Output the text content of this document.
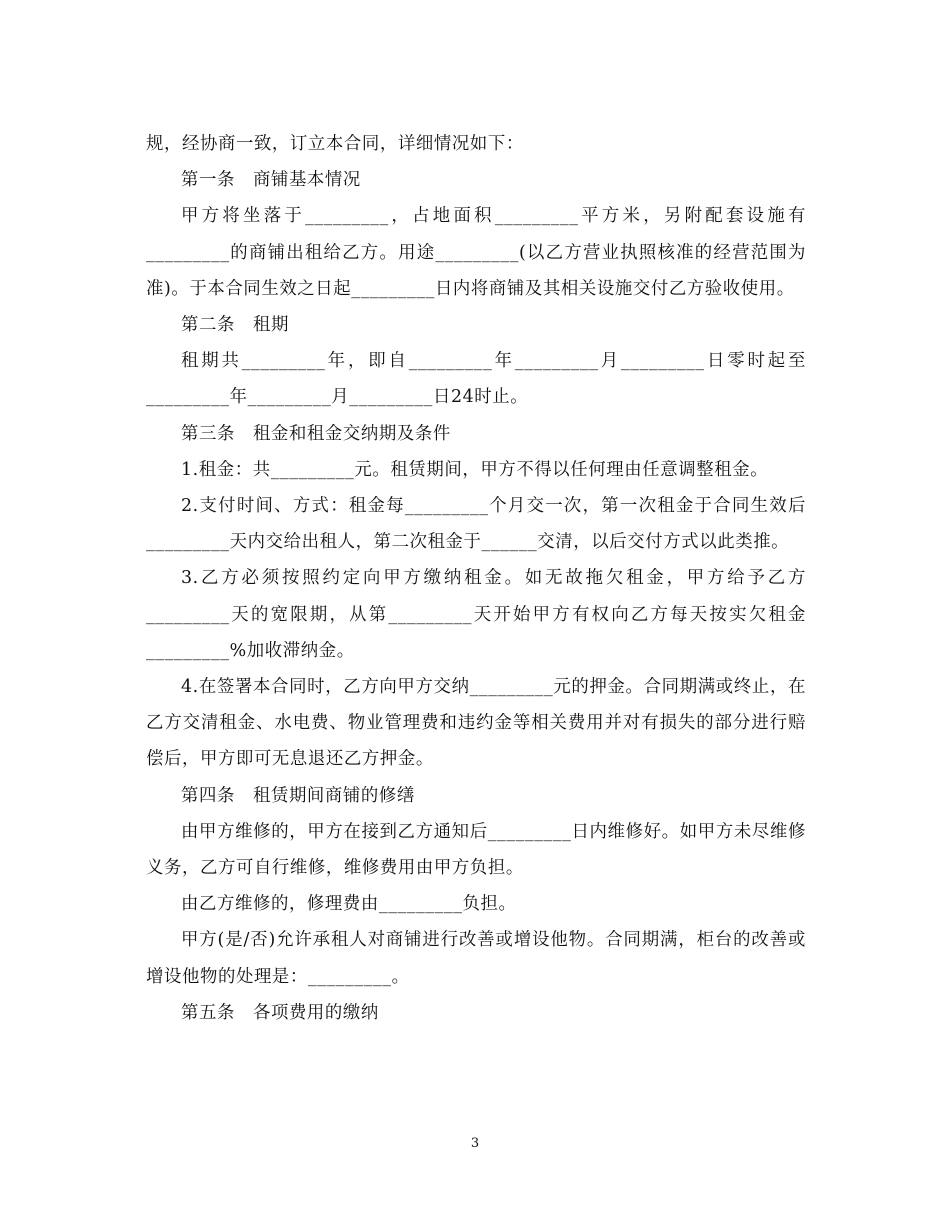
规，经协商一致，订立本合同，详细情况如下：

第一条　商铺基本情况

甲方将坐落于_________，占地面积_________平方米，另附配套设施有_________的商铺出租给乙方。用途_________(以乙方营业执照核准的经营范围为准)。于本合同生效之日起_________日内将商铺及其相关设施交付乙方验收使用。

第二条　租期

租期共_________年，即自_________年_________月_________日零时起至_________年_________月_________日24时止。

第三条　租金和租金交纳期及条件

1.租金：共_________元。租赁期间，甲方不得以任何理由任意调整租金。

2.支付时间、方式：租金每_________个月交一次，第一次租金于合同生效后_________天内交给出租人，第二次租金于______交清，以后交付方式以此类推。

3.乙方必须按照约定向甲方缴纳租金。如无故拖欠租金，甲方给予乙方_________天的宽限期，从第_________天开始甲方有权向乙方每天按实欠租金_________%加收滞纳金。

4.在签署本合同时，乙方向甲方交纳_________元的押金。合同期满或终止，在乙方交清租金、水电费、物业管理费和违约金等相关费用并对有损失的部分进行赔偿后，甲方即可无息退还乙方押金。

第四条　租赁期间商铺的修缮

由甲方维修的，甲方在接到乙方通知后_________日内维修好。如甲方未尽维修义务，乙方可自行维修，维修费用由甲方负担。

由乙方维修的，修理费由_________负担。

甲方(是/否)允许承租人对商铺进行改善或增设他物。合同期满，柜台的改善或增设他物的处理是：_________。

第五条　各项费用的缴纳

3
